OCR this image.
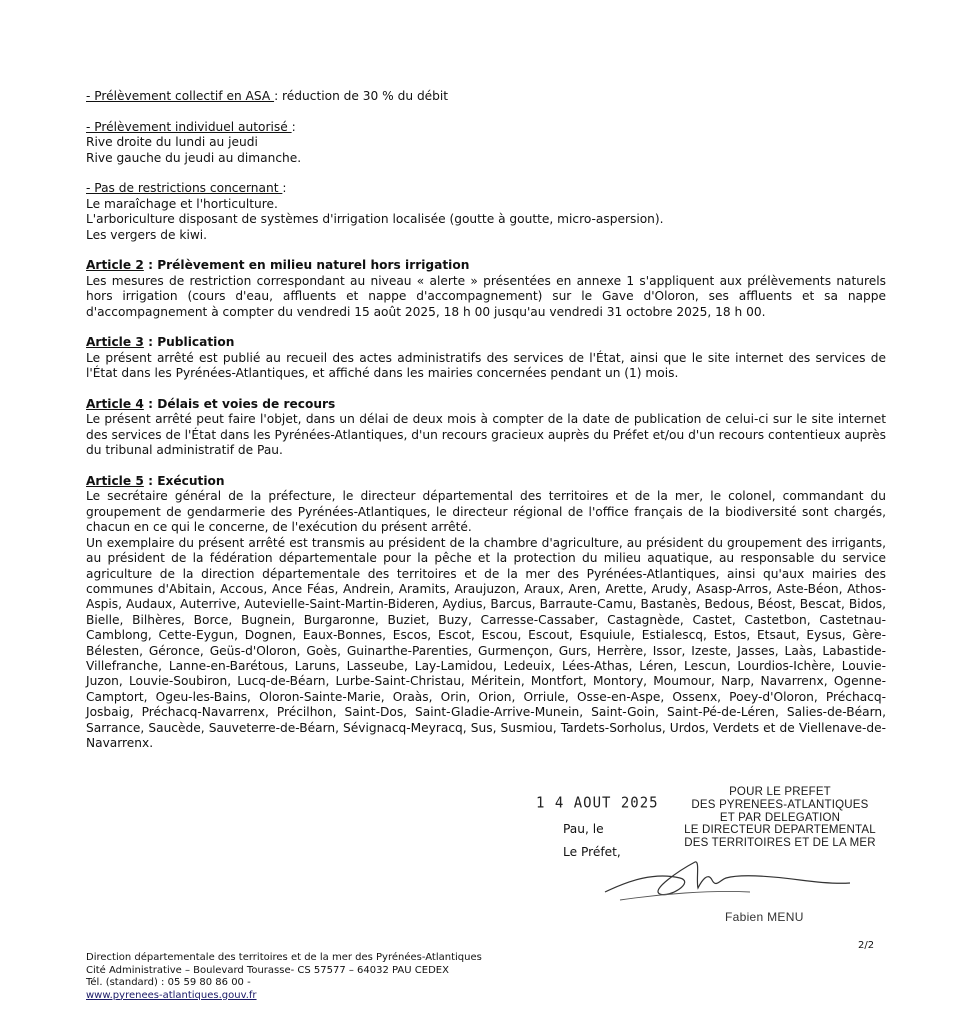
- Prélèvement collectif en ASA : réduction de 30 % du débit
- Prélèvement individuel autorisé :
Rive droite du lundi au jeudi
Rive gauche du jeudi au dimanche.
- Pas de restrictions concernant :
Le maraîchage et l'horticulture.
L'arboriculture disposant de systèmes d'irrigation localisée (goutte à goutte, micro-aspersion).
Les vergers de kiwi.
Article 2 : Prélèvement en milieu naturel hors irrigation
Les mesures de restriction correspondant au niveau « alerte » présentées en annexe 1 s'appliquent aux prélèvements naturels hors irrigation (cours d'eau, affluents et nappe d'accompagnement) sur le Gave d'Oloron, ses affluents et sa nappe d'accompagnement à compter du vendredi 15 août 2025, 18 h 00 jusqu'au vendredi 31 octobre 2025, 18 h 00.
Article 3 : Publication
Le présent arrêté est publié au recueil des actes administratifs des services de l'État, ainsi que le site internet des services de l'État dans les Pyrénées-Atlantiques, et affiché dans les mairies concernées pendant un (1) mois.
Article 4 : Délais et voies de recours
Le présent arrêté peut faire l'objet, dans un délai de deux mois à compter de la date de publication de celui-ci sur le site internet des services de l'État dans les Pyrénées-Atlantiques, d'un recours gracieux auprès du Préfet et/ou d'un recours contentieux auprès du tribunal administratif de Pau.
Article 5 : Exécution
Le secrétaire général de la préfecture, le directeur départemental des territoires et de la mer, le colonel, commandant du groupement de gendarmerie des Pyrénées-Atlantiques, le directeur régional de l'office français de la biodiversité sont chargés, chacun en ce qui le concerne, de l'exécution du présent arrêté.
Un exemplaire du présent arrêté est transmis au président de la chambre d'agriculture, au président du groupement des irrigants, au président de la fédération départementale pour la pêche et la protection du milieu aquatique, au responsable du service agriculture de la direction départementale des territoires et de la mer des Pyrénées-Atlantiques, ainsi qu'aux mairies des communes d'Abitain, Accous, Ance Féas, Andrein, Aramits, Araujuzon, Araux, Aren, Arette, Arudy, Asasp-Arros, Aste-Béon, Athos-Aspis, Audaux, Auterrive, Autevielle-Saint-Martin-Bideren, Aydius, Barcus, Barraute-Camu, Bastanès, Bedous, Béost, Bescat, Bidos, Bielle, Bilhères, Borce, Bugnein, Burgaronne, Buziet, Buzy, Carresse-Cassaber, Castagnède, Castet, Castetbon, Castetnau-Camblong, Cette-Eygun, Dognen, Eaux-Bonnes, Escos, Escot, Escou, Escout, Esquiule, Estialescq, Estos, Etsaut, Eysus, Gère-Bélesten, Géronce, Geüs-d'Oloron, Goès, Guinarthe-Parenties, Gurmençon, Gurs, Herrère, Issor, Izeste, Jasses, Laàs, Labastide-Villefranche, Lanne-en-Barétous, Laruns, Lasseube, Lay-Lamidou, Ledeuix, Lées-Athas, Léren, Lescun, Lourdios-Ichère, Louvie-Juzon, Louvie-Soubiron, Lucq-de-Béarn, Lurbe-Saint-Christau, Méritein, Montfort, Montory, Moumour, Narp, Navarrenx, Ogenne-Camptort, Ogeu-les-Bains, Oloron-Sainte-Marie, Oraàs, Orin, Orion, Orriule, Osse-en-Aspe, Ossenx, Poey-d'Oloron, Préchacq-Josbaig, Préchacq-Navarrenx, Précilhon, Saint-Dos, Saint-Gladie-Arrive-Munein, Saint-Goin, Saint-Pé-de-Léren, Salies-de-Béarn, Sarrance, Saucède, Sauveterre-de-Béarn, Sévignacq-Meyracq, Sus, Susmiou, Tardets-Sorholus, Urdos, Verdets et de Viellenave-de-Navarrenx.
1 4 AOUT 2025
Pau, le
Le Préfet,
POUR LE PREFET
DES PYRENEES-ATLANTIQUES
ET PAR DELEGATION
LE DIRECTEUR DEPARTEMENTAL
DES TERRITOIRES ET DE LA MER
Fabien MENU
2/2
Direction départementale des territoires et de la mer des Pyrénées-Atlantiques
Cité Administrative – Boulevard Tourasse- CS 57577 – 64032 PAU CEDEX
Tél. (standard) : 05 59 80 86 00 -
www.pyrenees-atlantiques.gouv.fr
